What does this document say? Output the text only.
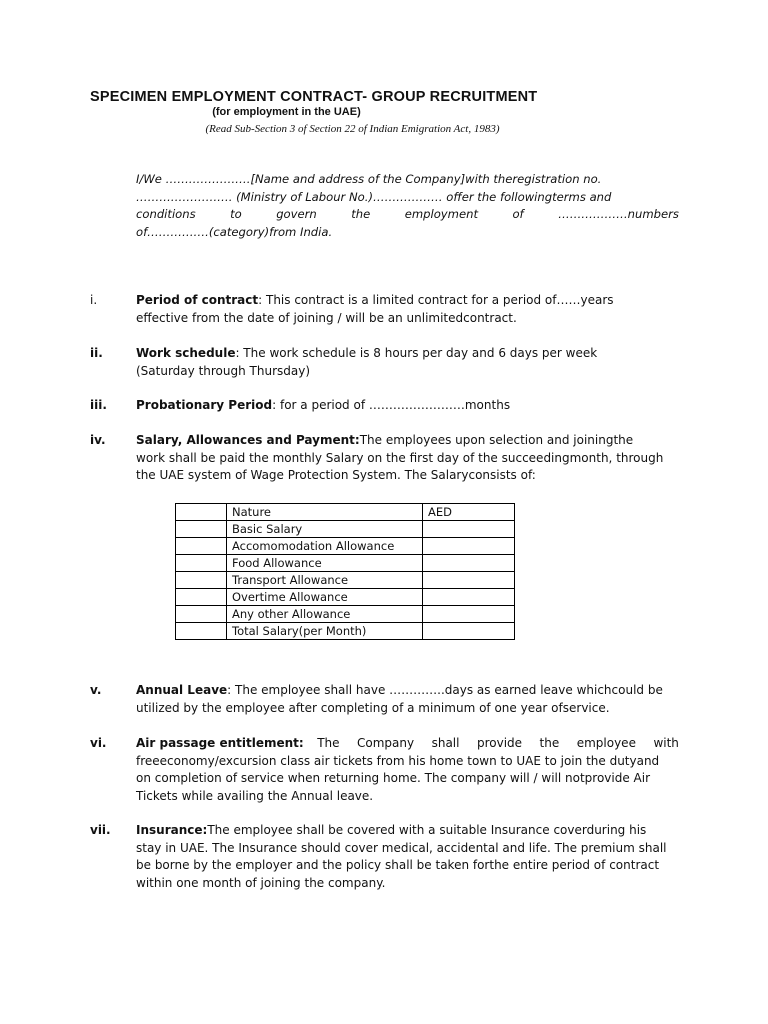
SPECIMEN EMPLOYMENT CONTRACT- GROUP RECRUITMENT
(for employment in the UAE)
(Read Sub-Section 3 of Section 22 of Indian Emigration Act, 1983)
I/We ………………….[Name and address of the Company]with theregistration no.
……………………. (Ministry of Labour No.)……………… offer the followingterms and
conditions	to	govern	the	employment	of	………………numbers
of…………….(category)from India.
i.	Period of contract: This contract is a limited contract for a period of……years
effective from the date of joining / will be an unlimitedcontract.
ii.	Work schedule: The work schedule is 8 hours per day and 6 days per week
(Saturday through Thursday)
iii. Probationary Period: for a period of ……………………months
iv.	Salary, Allowances and Payment:The employees upon selection and joiningthe
work shall be paid the monthly Salary on the first day of the succeedingmonth, through
the UAE system of Wage Protection System. The Salaryconsists of:
	Nature	AED
	Basic Salary	
	Accomomodation Allowance	
	Food Allowance	
	Transport Allowance	
	Overtime Allowance	
	Any other Allowance	
	Total Salary(per Month)	
v.	Annual Leave: The employee shall have …………..days as earned leave whichcould be
utilized by the employee after completing of a minimum of one year ofservice.
vi. Air passage entitlement: The Company shall provide the employee with
freeeconomy/excursion class air tickets from his home town to UAE to join the dutyand
on completion of service when returning home. The company will / will notprovide Air
Tickets while availing the Annual leave.
vii. Insurance:The employee shall be covered with a suitable Insurance coverduring his
stay in UAE. The Insurance should cover medical, accidental and life. The premium shall
be borne by the employer and the policy shall be taken forthe entire period of contract
within one month of joining the company.
